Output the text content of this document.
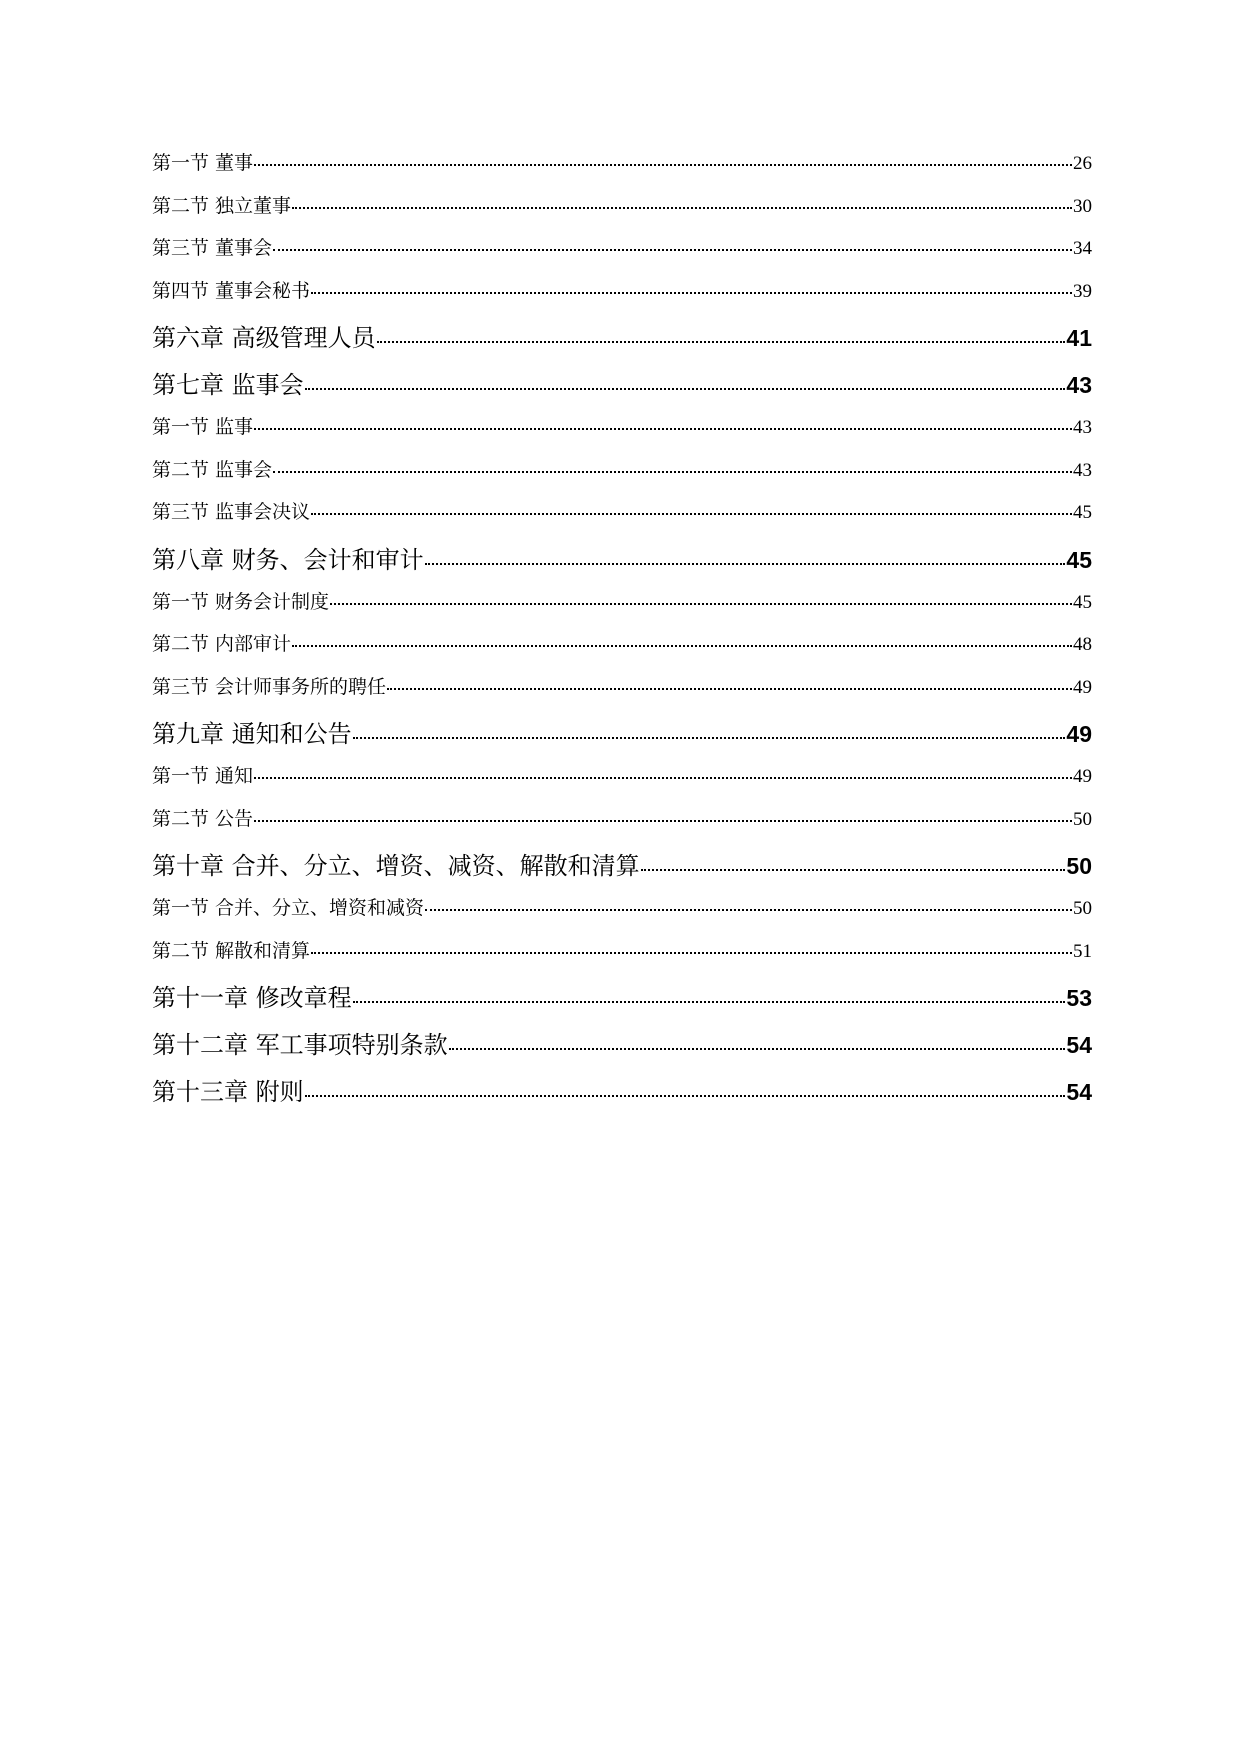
第一节 董事	26
第二节 独立董事	30
第三节 董事会	34
第四节 董事会秘书	39
第六章 高级管理人员	41
第七章 监事会	43
第一节 监事	43
第二节 监事会	43
第三节 监事会决议	45
第八章 财务、会计和审计	45
第一节 财务会计制度	45
第二节 内部审计	48
第三节 会计师事务所的聘任	49
第九章 通知和公告	49
第一节 通知	49
第二节 公告	50
第十章 合并、分立、增资、减资、解散和清算	50
第一节 合并、分立、增资和减资	50
第二节 解散和清算	51
第十一章 修改章程	53
第十二章 军工事项特别条款	54
第十三章 附则	54
